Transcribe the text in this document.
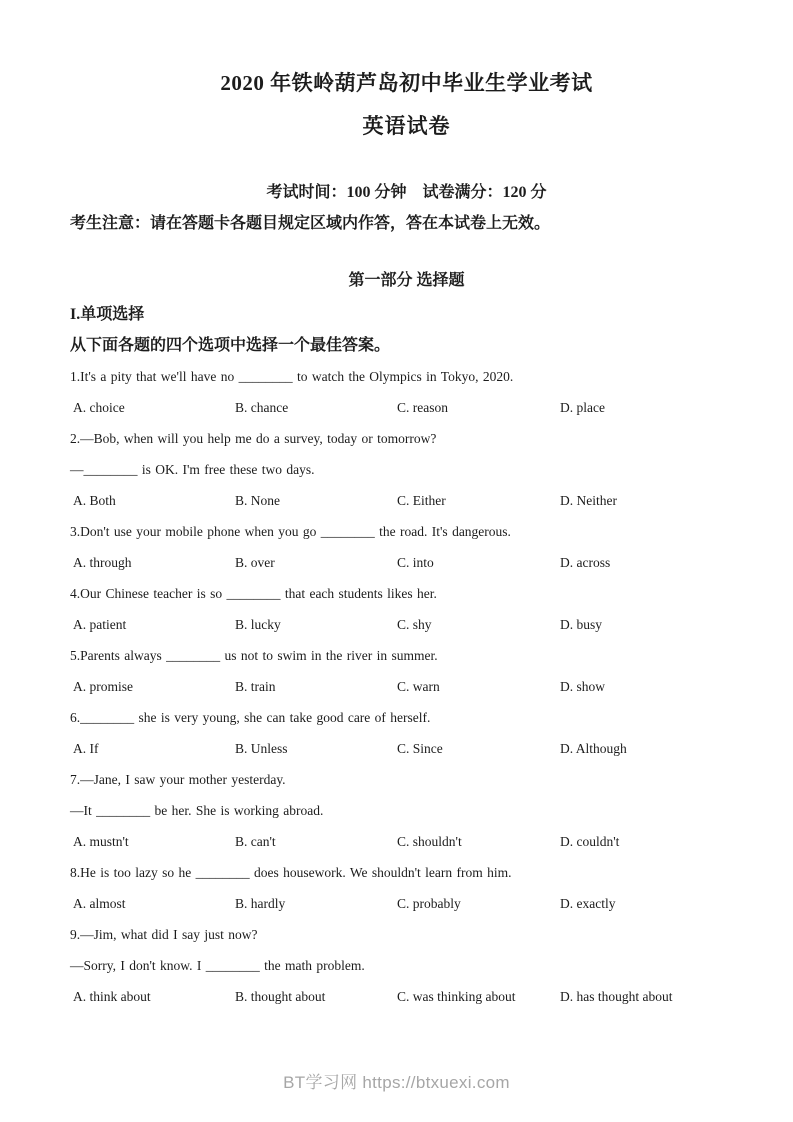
2020 年铁岭葫芦岛初中毕业生学业考试
英语试卷

考试时间：100 分钟　试卷满分：120 分

考生注意：请在答题卡各题目规定区域内作答，答在本试卷上无效。

第一部分 选择题

I.单项选择

从下面各题的四个选项中选择一个最佳答案。

1.It's a pity that we'll have no ________ to watch the Olympics in Tokyo, 2020.

A. choice	B. chance	C. reason	D. place

2.—Bob, when will you help me do a survey, today or tomorrow?

—________ is OK. I'm free these two days.

A. Both	B. None	C. Either	D. Neither

3.Don't use your mobile phone when you go ________ the road. It's dangerous.

A. through	B. over	C. into	D. across

4.Our Chinese teacher is so ________ that each students likes her.

A. patient	B. lucky	C. shy	D. busy

5.Parents always ________ us not to swim in the river in summer.

A. promise	B. train	C. warn	D. show

6.________ she is very young, she can take good care of herself.

A. If	B. Unless	C. Since	D. Although

7.—Jane, I saw your mother yesterday.

—It ________ be her. She is working abroad.

A. mustn't	B. can't	C. shouldn't	D. couldn't

8.He is too lazy so he ________ does housework. We shouldn't learn from him.

A. almost	B. hardly	C. probably	D. exactly

9.—Jim, what did I say just now?

—Sorry, I don't know. I ________ the math problem.

A. think about	B. thought about	C. was thinking about	D. has thought about
BT学习网 https://btxuexi.com
